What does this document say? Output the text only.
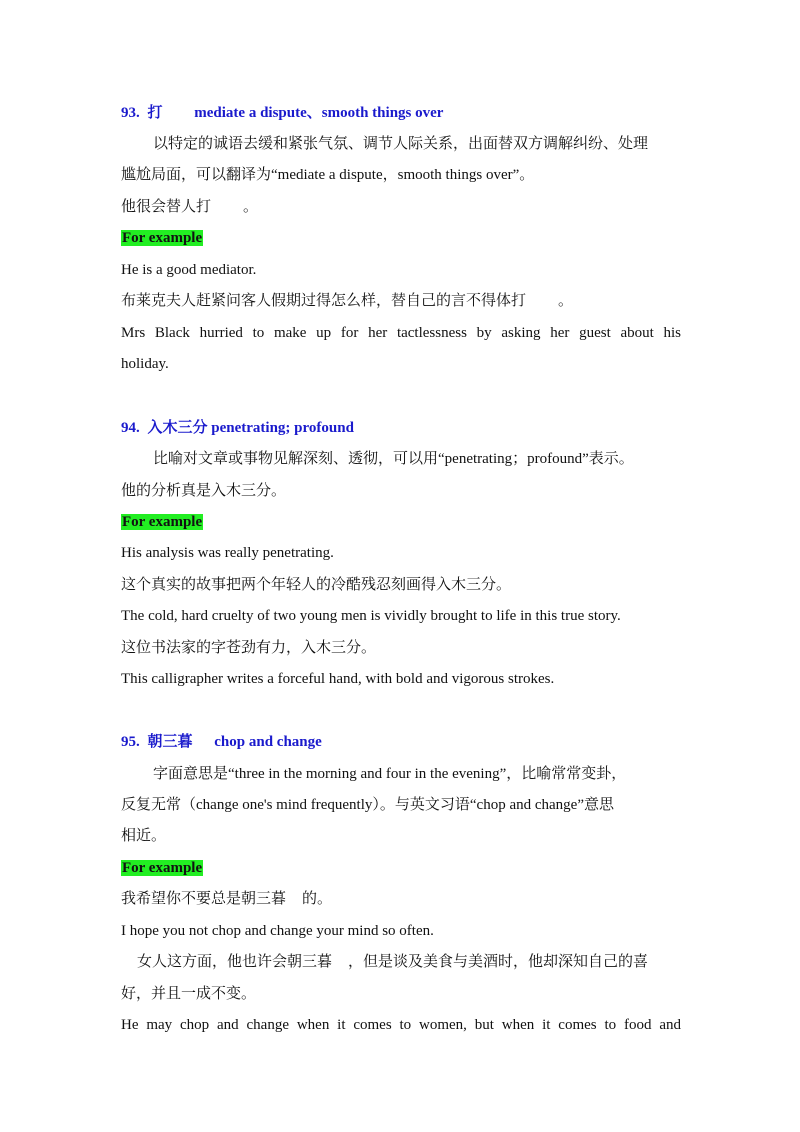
93. 打 mediate a dispute、smooth things over
以特定的诚语去缓和紧张气氛、调节人际关系，出面替双方调解纠纷、处理
尴尬局面，可以翻译为“mediate a dispute，smooth things over”。
他很会替人打 。
For example
He is a good mediator.
布莱克夫人赶紧问客人假期过得怎么样，替自己的言不得体打 。
Mrs Black hurried to make up for her tactlessness by asking her guest about his
holiday.
94. 入木三分 penetrating; profound
比喻对文章或事物见解深刻、透彻，可以用“penetrating；profound”表示。
他的分析真是入木三分。
For example
His analysis was really penetrating.
这个真实的故事把两个年轻人的冷酷残忍刻画得入木三分。
The cold, hard cruelty of two young men is vividly brought to life in this true story.
这位书法家的字苍劲有力，入木三分。
This calligrapher writes a forceful hand, with bold and vigorous strokes.
95. 朝三暮 chop and change
字面意思是“three in the morning and four in the evening”，比喻常常变卦，
反复无常（change one's mind frequently）。与英文习语“chop and change”意思
相近。
For example
我希望你不要总是朝三暮 的。
I hope you not chop and change your mind so often.
女人这方面，他也许会朝三暮 ，但是谈及美食与美酒时，他却深知自己的喜
好，并且一成不变。
He may chop and change when it comes to women, but when it comes to food and
